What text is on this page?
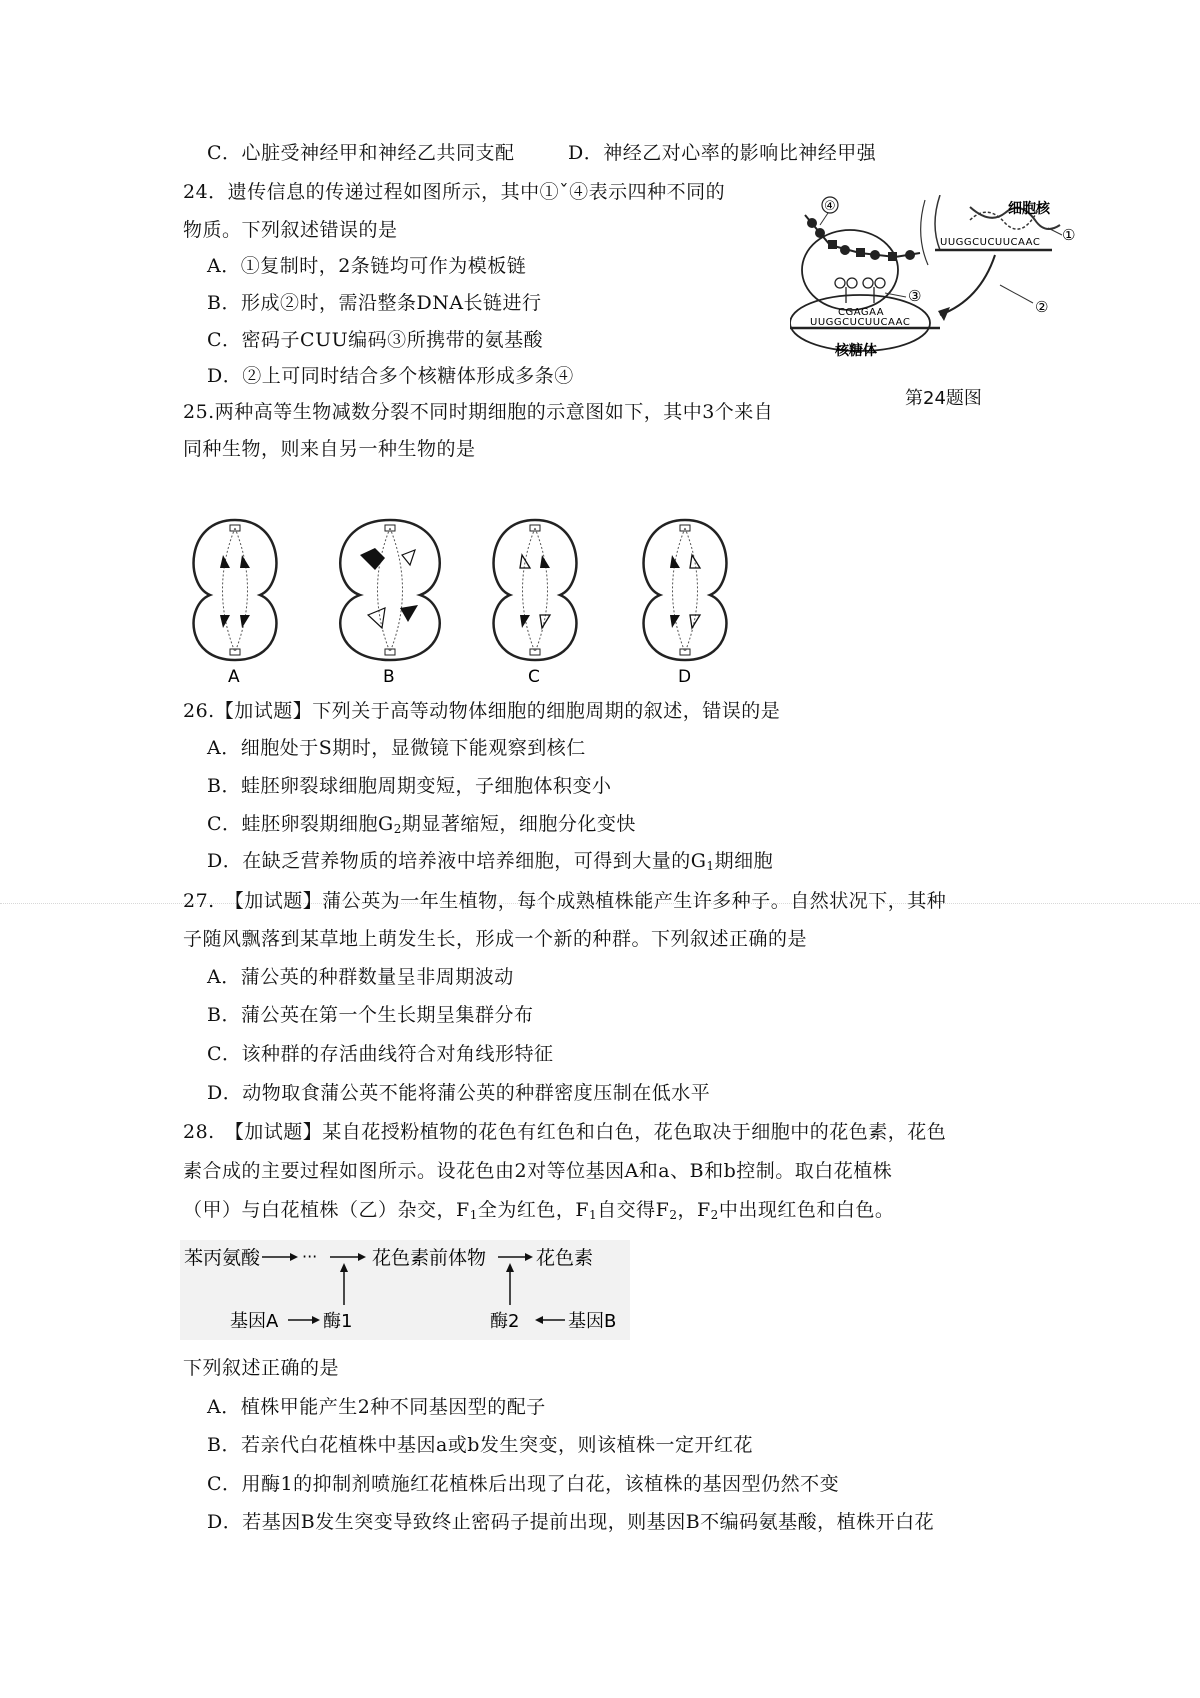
C．心脏受神经甲和神经乙共同支配	D．神经乙对心率的影响比神经甲强
24．遗传信息的传递过程如图所示，其中①ˇ④表示四种不同的
物质。下列叙述错误的是
A．①复制时，2条链均可作为模板链
B．形成②时，需沿整条DNA长链进行
C．密码子CUU编码③所携带的氨基酸
D．②上可同时结合多个核糖体形成多条④
细胞核
①
UUGGCUCUUCAAC
②
④
CGAGAA
③
UUGGCUCUUCAAC
核糖体
第24题图
25.两种高等生物减数分裂不同时期细胞的示意图如下，其中3个来自
同种生物，则来自另一种生物的是
A	B	C	D
26.【加试题】下列关于高等动物体细胞的细胞周期的叙述，错误的是
A．细胞处于S期时，显微镜下能观察到核仁
B．蛙胚卵裂球细胞周期变短，子细胞体积变小
C．蛙胚卵裂期细胞$G_2$期显著缩短，细胞分化变快
D．在缺乏营养物质的培养液中培养细胞，可得到大量的$G_1$期细胞
27.　【加试题】蒲公英为一年生植物，每个成熟植株能产生许多种子。自然状况下，其种
子随风飘落到某草地上萌发生长，形成一个新的种群。下列叙述正确的是
A．蒲公英的种群数量呈非周期波动
B．蒲公英在第一个生长期呈集群分布
C．该种群的存活曲线符合对角线形特征
D．动物取食蒲公英不能将蒲公英的种群密度压制在低水平
28.　【加试题】某自花授粉植物的花色有红色和白色，花色取决于细胞中的花色素，花色
素合成的主要过程如图所示。设花色由2对等位基因A和a、B和b控制。取白花植株
（甲）与白花植株（乙）杂交，$F_1$全为红色，$F_1$自交得$F_2$，$F_2$中出现红色和白色。
苯丙氨酸	···	花色素前体物	花色素
基因A 酶1	酶2	基因B
下列叙述正确的是
A．植株甲能产生2种不同基因型的配子
B．若亲代白花植株中基因a或b发生突变，则该植株一定开红花
C．用酶1的抑制剂喷施红花植株后出现了白花，该植株的基因型仍然不变
D．若基因B发生突变导致终止密码子提前出现，则基因B不编码氨基酸，植株开白花
